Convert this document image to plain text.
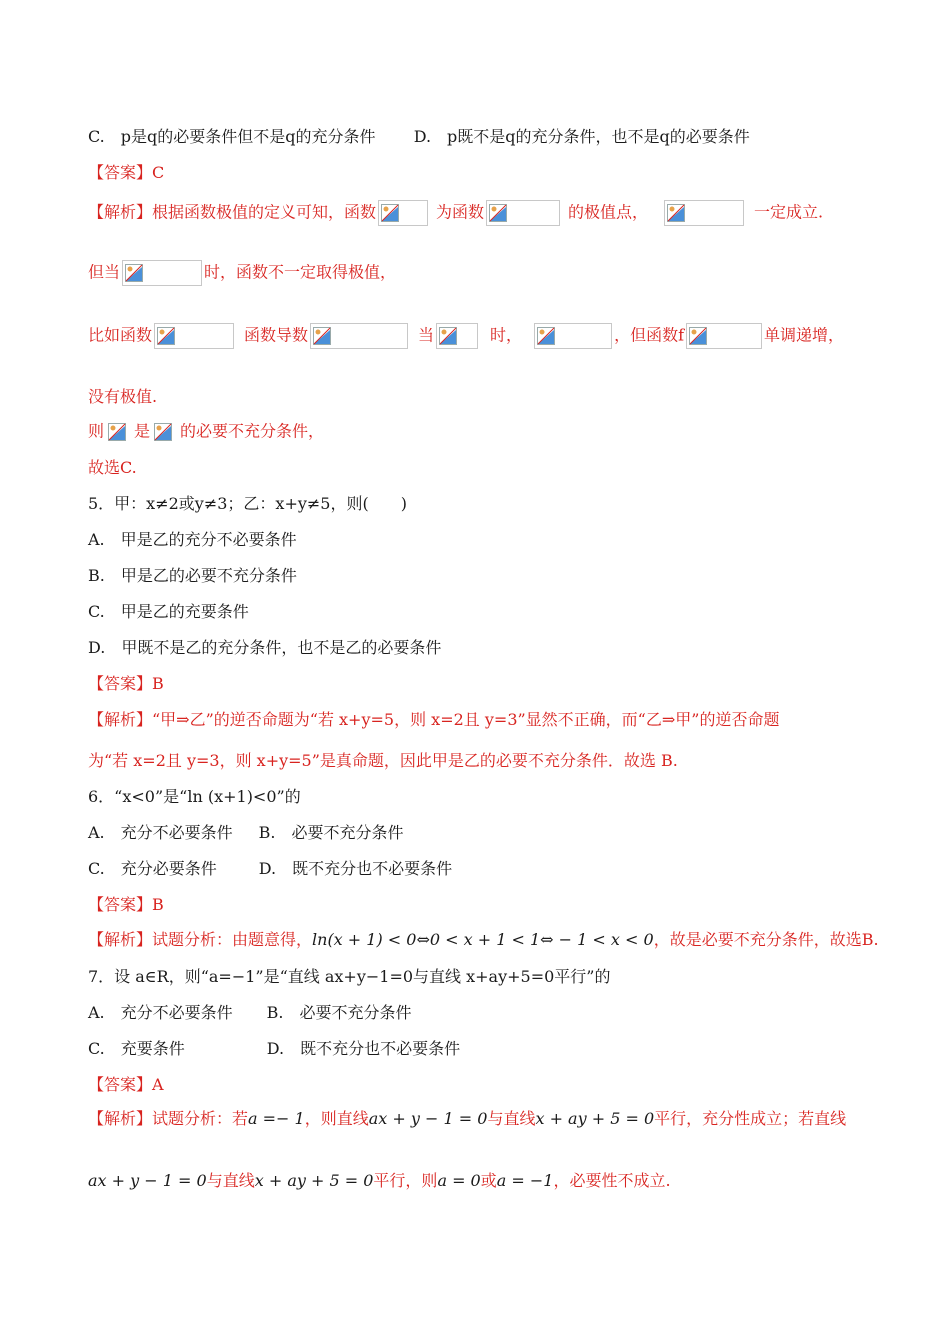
C.　p是q的必要条件但不是q的充分条件 D.　p既不是q的充分条件，也不是q的必要条件
【答案】C
【解析】根据函数极值的定义可知，函数	为函数	的极值点，	一定成立.
但当	时，函数不一定取得极值，
比如函数	函数导数	当	时，	，但函数f	单调递增，
没有极值.
则 是 的必要不充分条件，
故选C.
5．甲：x≠2或y≠3；乙：x+y≠5，则(　　)
A.　甲是乙的充分不必要条件
B.　甲是乙的必要不充分条件
C.　甲是乙的充要条件
D.　甲既不是乙的充分条件，也不是乙的必要条件
【答案】B
【解析】“甲⇒乙”的逆否命题为“若 x+y=5，则 x=2且 y=3”显然不正确，而“乙⇒甲”的逆否命题
为“若 x=2且 y=3，则 x+y=5”是真命题，因此甲是乙的必要不充分条件．故选 B.
6．“x<0”是“ln (x+1)<0”的
A.　充分不必要条件 B.　必要不充分条件
C.　充分必要条件	D.　既不充分也不必要条件
【答案】B
【解析】试题分析：由题意得，ln(x + 1) < 0⇔0 < x + 1 < 1⇔ − 1 < x < 0，故是必要不充分条件，故选B.
7．设 a∈R，则“a=−1”是“直线 ax+y−1=0与直线 x+ay+5=0平行”的
A.　充分不必要条件 B.　必要不充分条件
C.　充要条件	D.　既不充分也不必要条件
【答案】A
【解析】试题分析：若a =− 1，则直线ax + y − 1 = 0与直线x + ay + 5 = 0平行，充分性成立；若直线
ax + y − 1 = 0与直线x + ay + 5 = 0平行，则a = 0或a = −1，必要性不成立.
